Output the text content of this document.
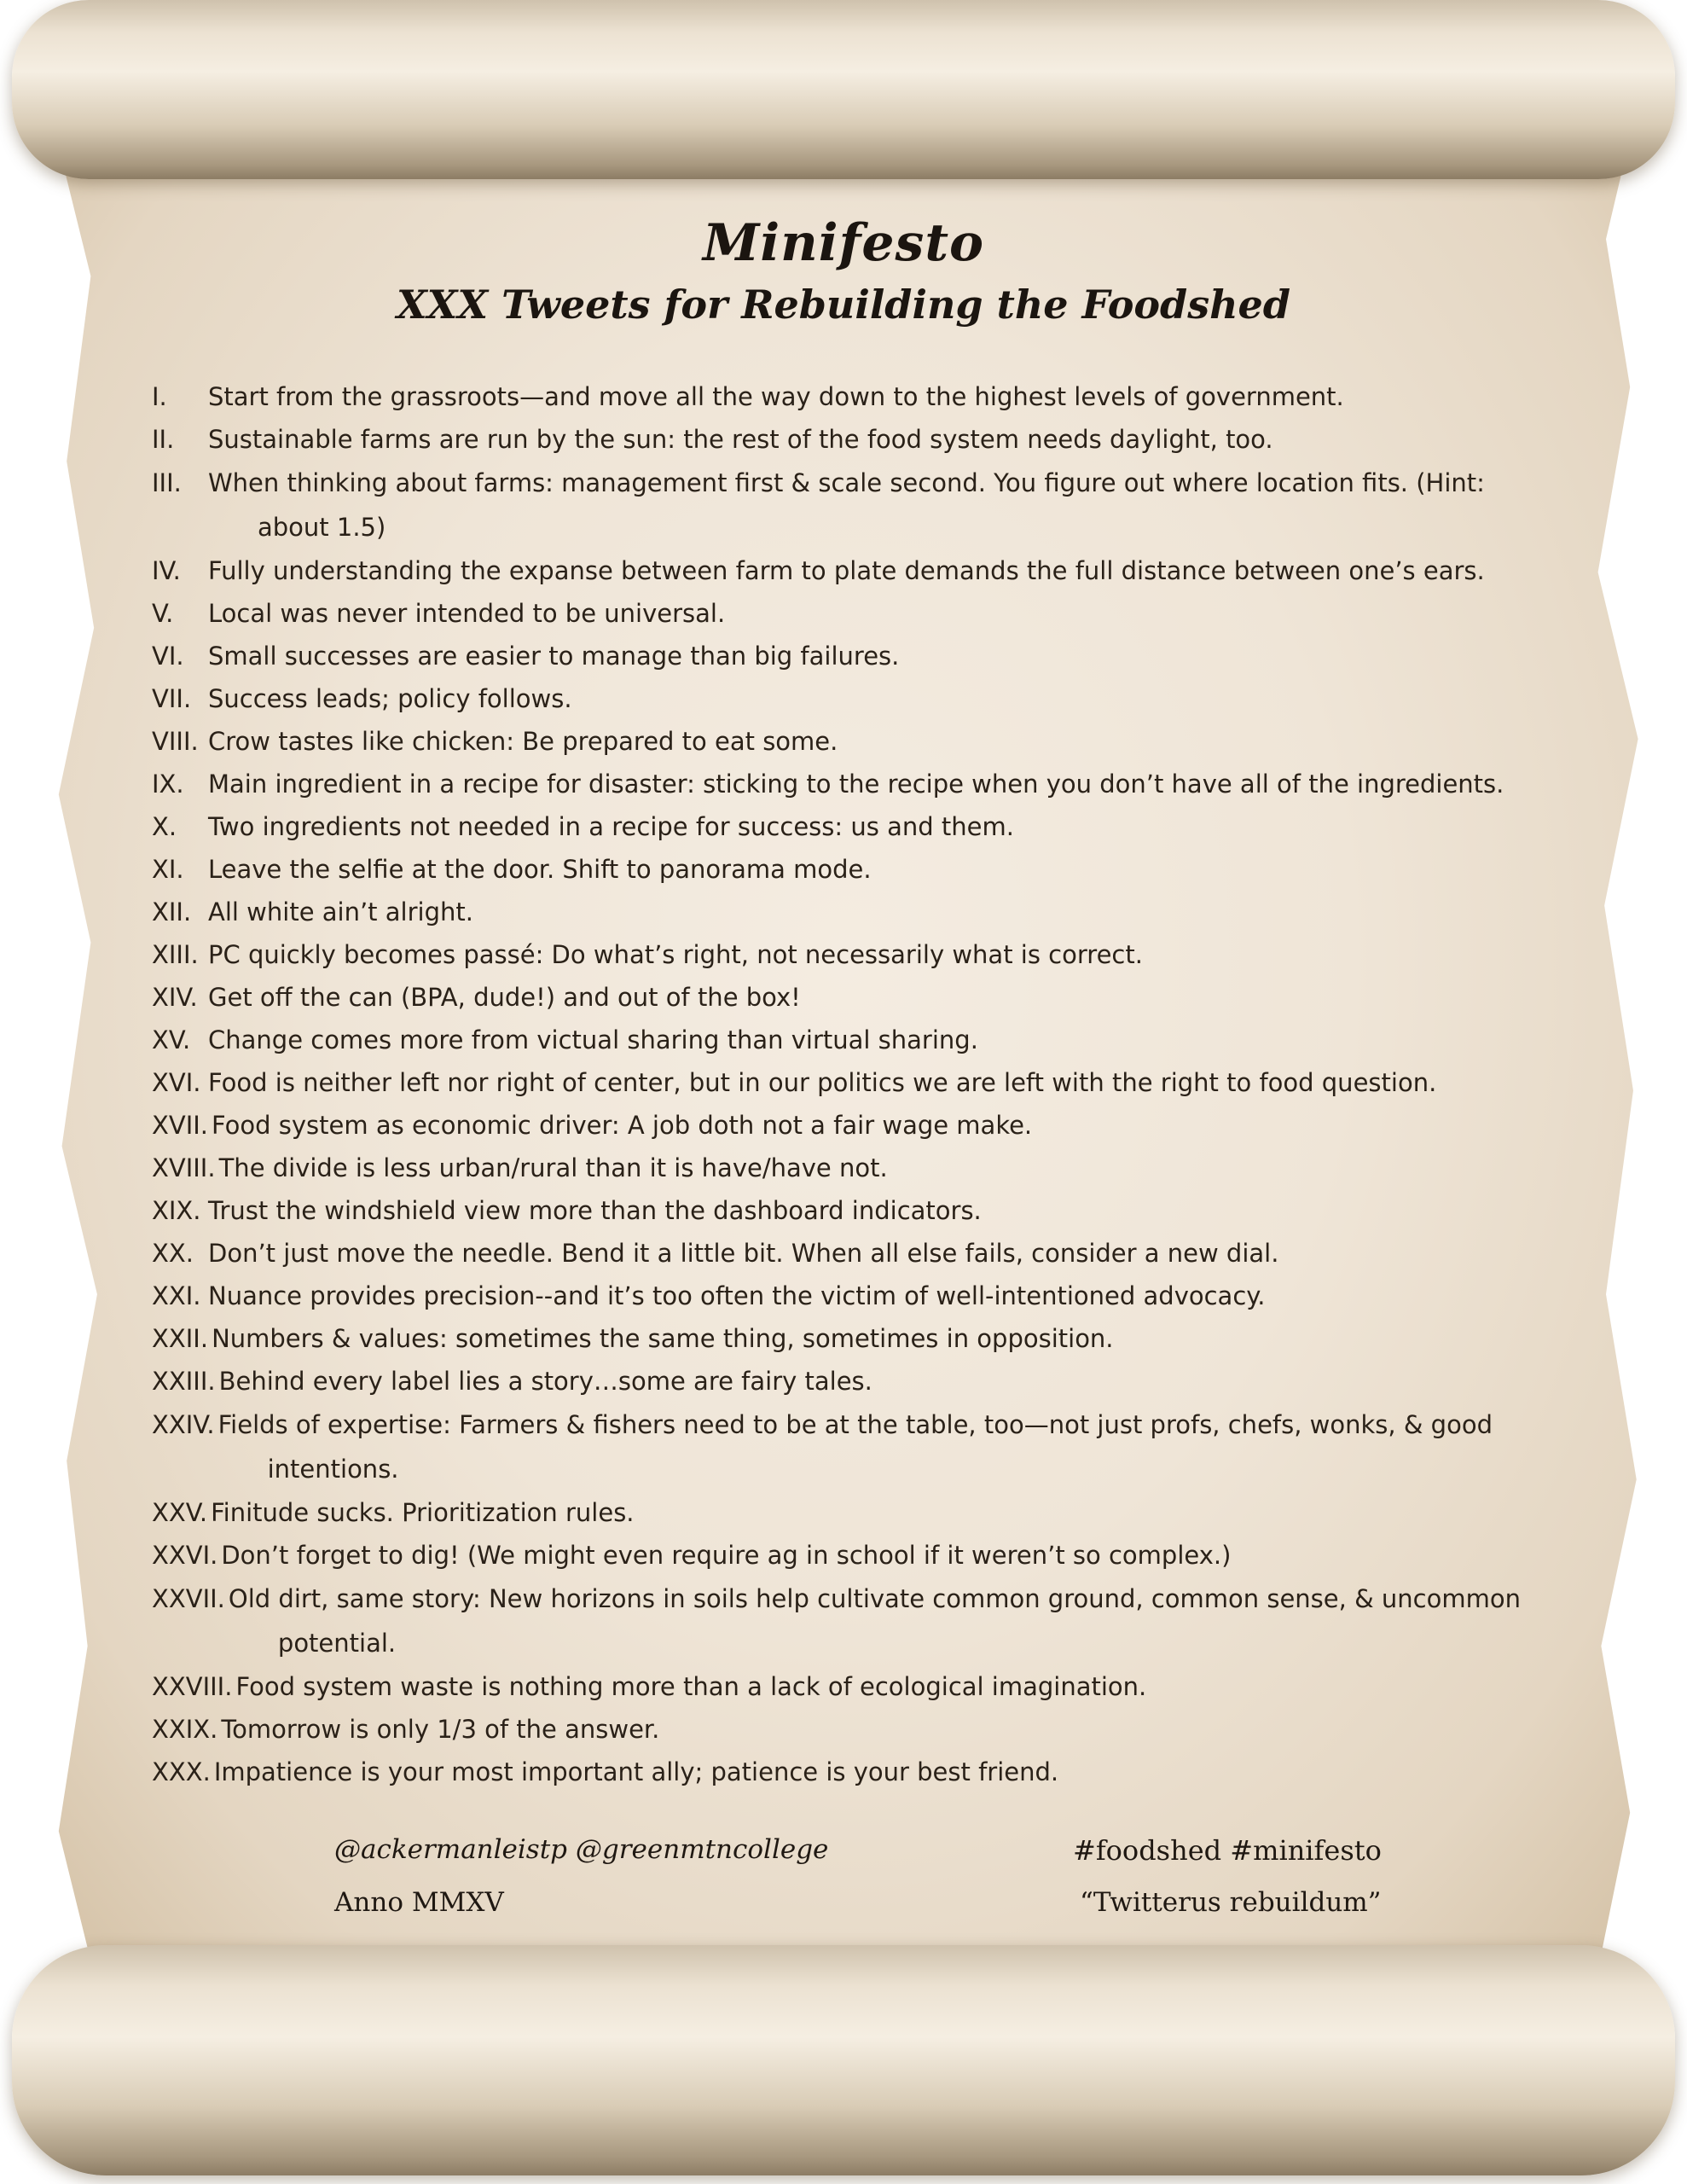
Minifesto
XXX Tweets for Rebuilding the Foodshed
I.	Start from the grassroots—and move all the way down to the highest levels of government.
II.	Sustainable farms are run by the sun: the rest of the food system needs daylight, too.
III.	When thinking about farms: management first & scale second. You figure out where location fits. (Hint:
about 1.5)
IV.	Fully understanding the expanse between farm to plate demands the full distance between one’s ears.
V.	Local was never intended to be universal.
VI. Small successes are easier to manage than big failures.
VII. Success leads; policy follows.
VIII. Crow tastes like chicken: Be prepared to eat some.
IX. Main ingredient in a recipe for disaster: sticking to the recipe when you don’t have all of the ingredients.
X.	Two ingredients not needed in a recipe for success: us and them.
XI. Leave the selfie at the door. Shift to panorama mode.
XII. All white ain’t alright.
XIII. PC quickly becomes passé: Do what’s right, not necessarily what is correct.
XIV. Get off the can (BPA, dude!) and out of the box!
XV. Change comes more from victual sharing than virtual sharing.
XVI. Food is neither left nor right of center, but in our politics we are left with the right to food question.
XVII. Food system as economic driver: A job doth not a fair wage make.
XVIII. The divide is less urban/rural than it is have/have not.
XIX. Trust the windshield view more than the dashboard indicators.
XX. Don’t just move the needle. Bend it a little bit. When all else fails, consider a new dial.
XXI. Nuance provides precision--and it’s too often the victim of well-intentioned advocacy.
XXII. Numbers & values: sometimes the same thing, sometimes in opposition.
XXIII. Behind every label lies a story…some are fairy tales.
XXIV. Fields of expertise: Farmers & fishers need to be at the table, too—not just profs, chefs, wonks, & good
intentions.
XXV. Finitude sucks. Prioritization rules.
XXVI. Don’t forget to dig! (We might even require ag in school if it weren’t so complex.)
XXVII. Old dirt, same story: New horizons in soils help cultivate common ground, common sense, & uncommon
potential.
XXVIII. Food system waste is nothing more than a lack of ecological imagination.
XXIX. Tomorrow is only 1/3 of the answer.
XXX. Impatience is your most important ally; patience is your best friend.
@ackermanleistp @greenmtncollege	#foodshed #minifesto
Anno MMXV	“Twitterus rebuildum”
